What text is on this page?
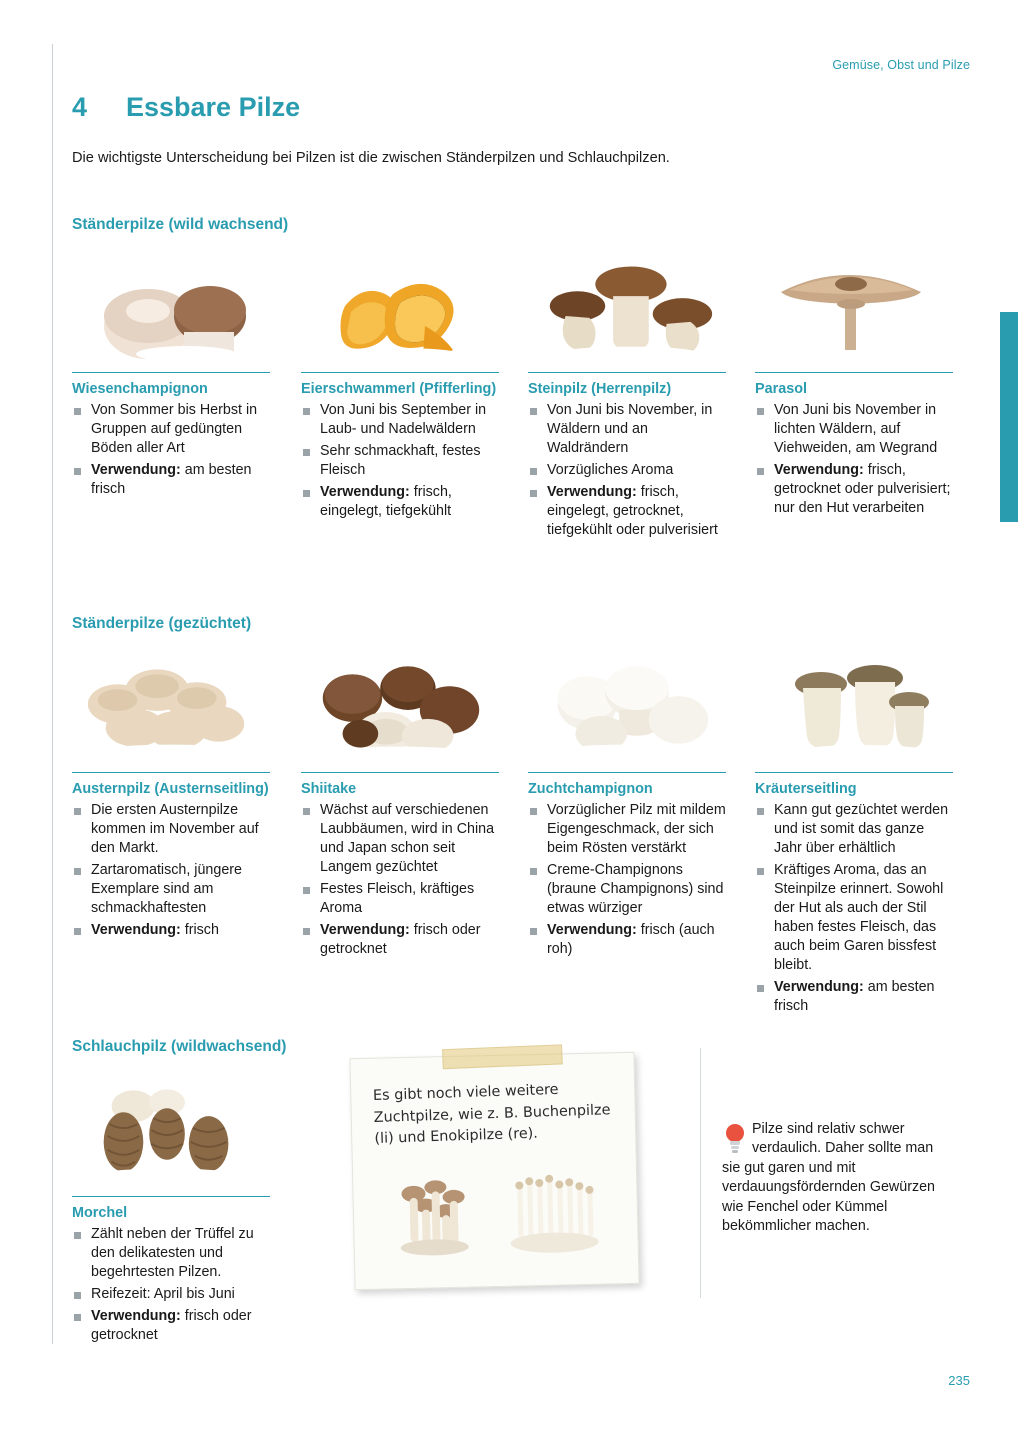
Gemüse, Obst und Pilze
4 Essbare Pilze
Die wichtigste Unterscheidung bei Pilzen ist die zwischen Ständerpilzen und Schlauchpilzen.
Ständerpilze (wild wachsend)
Ständerpilze (gezüchtet)
Schlauchpilz (wildwachsend)
Wiesenchampignon
Von Sommer bis Herbst in Gruppen auf gedüngten Böden aller Art
Verwendung: am besten frisch
Eierschwammerl (Pfifferling)
Von Juni bis September in Laub- und Nadelwäldern
Sehr schmackhaft, festes Fleisch
Verwendung: frisch, eingelegt, tiefgekühlt
Steinpilz (Herrenpilz)
Von Juni bis November, in Wäldern und an Waldrändern
Vorzügliches Aroma
Verwendung: frisch, eingelegt, getrocknet, tiefgekühlt oder pulverisiert
Parasol
Von Juni bis November in lichten Wäldern, auf Viehweiden, am Wegrand
Verwendung: frisch, getrocknet oder pulverisiert; nur den Hut verarbeiten
Austernpilz (Austernseitling)
Die ersten Austernpilze kommen im November auf den Markt.
Zartaromatisch, jüngere Exemplare sind am schmackhaftesten
Verwendung: frisch
Shiitake
Wächst auf verschiedenen Laubbäumen, wird in China und Japan schon seit Langem gezüchtet
Festes Fleisch, kräftiges Aroma
Verwendung: frisch oder getrocknet
Zuchtchampignon
Vorzüglicher Pilz mit mildem Eigengeschmack, der sich beim Rösten verstärkt
Creme-Champignons (braune Champignons) sind etwas würziger
Verwendung: frisch (auch roh)
Kräuterseitling
Kann gut gezüchtet werden und ist somit das ganze Jahr über erhältlich
Kräftiges Aroma, das an Steinpilze erinnert. Sowohl der Hut als auch der Stil haben festes Fleisch, das auch beim Garen bissfest bleibt.
Verwendung: am besten frisch
Morchel
Zählt neben der Trüffel zu den delikatesten und begehrtesten Pilzen.
Reifezeit: April bis Juni
Verwendung: frisch oder getrocknet
Es gibt noch viele weitere Zuchtpilze, wie z. B. Buchenpilze (li) und Enokipilze (re).	Pilze sind relativ schwer verdaulich. Daher sollte man sie gut garen und mit verdauungsfördernden Gewürzen wie Fenchel oder Kümmel bekömmlicher machen.
235
